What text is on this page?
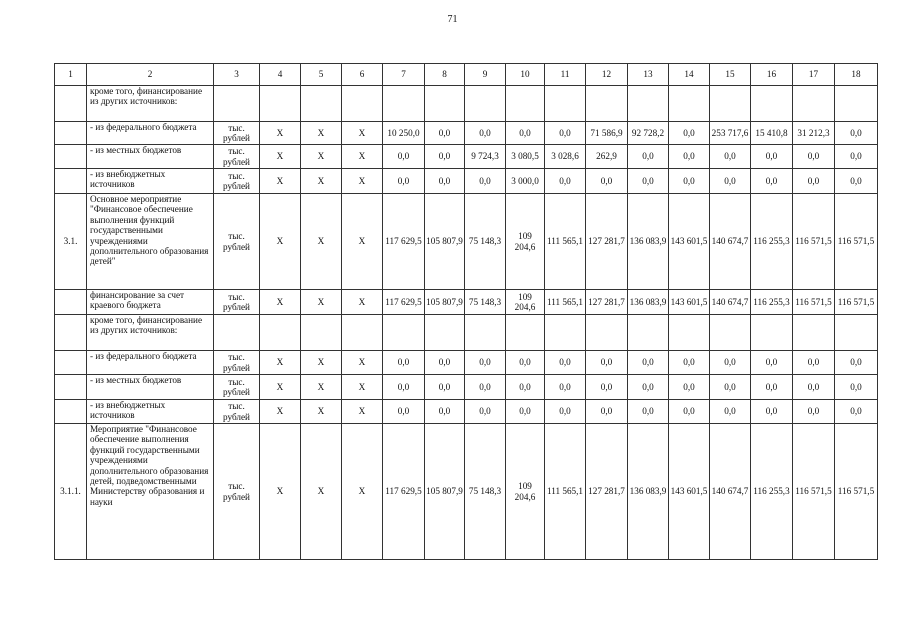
71
1	2	3	4	5	6	7	8	9	10	11	12	13	14	15	16	17	18
	кроме того, финансирование из других источников:																
	- из федерального бюджета	тыс. рублей	Х	Х	Х	10 250,0	0,0	0,0	0,0	0,0	71 586,9	92 728,2	0,0	253 717,6	15 410,8	31 212,3	0,0
	- из местных бюджетов	тыс. рублей	Х	Х	Х	0,0	0,0	9 724,3	3 080,5	3 028,6	262,9	0,0	0,0	0,0	0,0	0,0	0,0
	- из внебюджетных источников	тыс. рублей	Х	Х	Х	0,0	0,0	0,0	3 000,0	0,0	0,0	0,0	0,0	0,0	0,0	0,0	0,0
3.1.	Основное мероприятие "Финансовое обеспечение выполнения функций государственными учреждениями дополнительного образования детей"	тыс. рублей	Х	Х	Х	117 629,5	105 807,9	75 148,3	109 204,6	111 565,1	127 281,7	136 083,9	143 601,5	140 674,7	116 255,3	116 571,5	116 571,5
	финансирование за счет краевого бюджета	тыс. рублей	Х	Х	Х	117 629,5	105 807,9	75 148,3	109 204,6	111 565,1	127 281,7	136 083,9	143 601,5	140 674,7	116 255,3	116 571,5	116 571,5
	кроме того, финансирование из других источников:																
	- из федерального бюджета	тыс. рублей	Х	Х	Х	0,0	0,0	0,0	0,0	0,0	0,0	0,0	0,0	0,0	0,0	0,0	0,0
	- из местных бюджетов	тыс. рублей	Х	Х	Х	0,0	0,0	0,0	0,0	0,0	0,0	0,0	0,0	0,0	0,0	0,0	0,0
	- из внебюджетных источников	тыс. рублей	Х	Х	Х	0,0	0,0	0,0	0,0	0,0	0,0	0,0	0,0	0,0	0,0	0,0	0,0
3.1.1.	Мероприятие "Финансовое обеспечение выполнения функций государственными учреждениями дополнительного образования детей, подведомственными Министерству образования и науки	тыс. рублей	Х	Х	Х	117 629,5	105 807,9	75 148,3	109 204,6	111 565,1	127 281,7	136 083,9	143 601,5	140 674,7	116 255,3	116 571,5	116 571,5
